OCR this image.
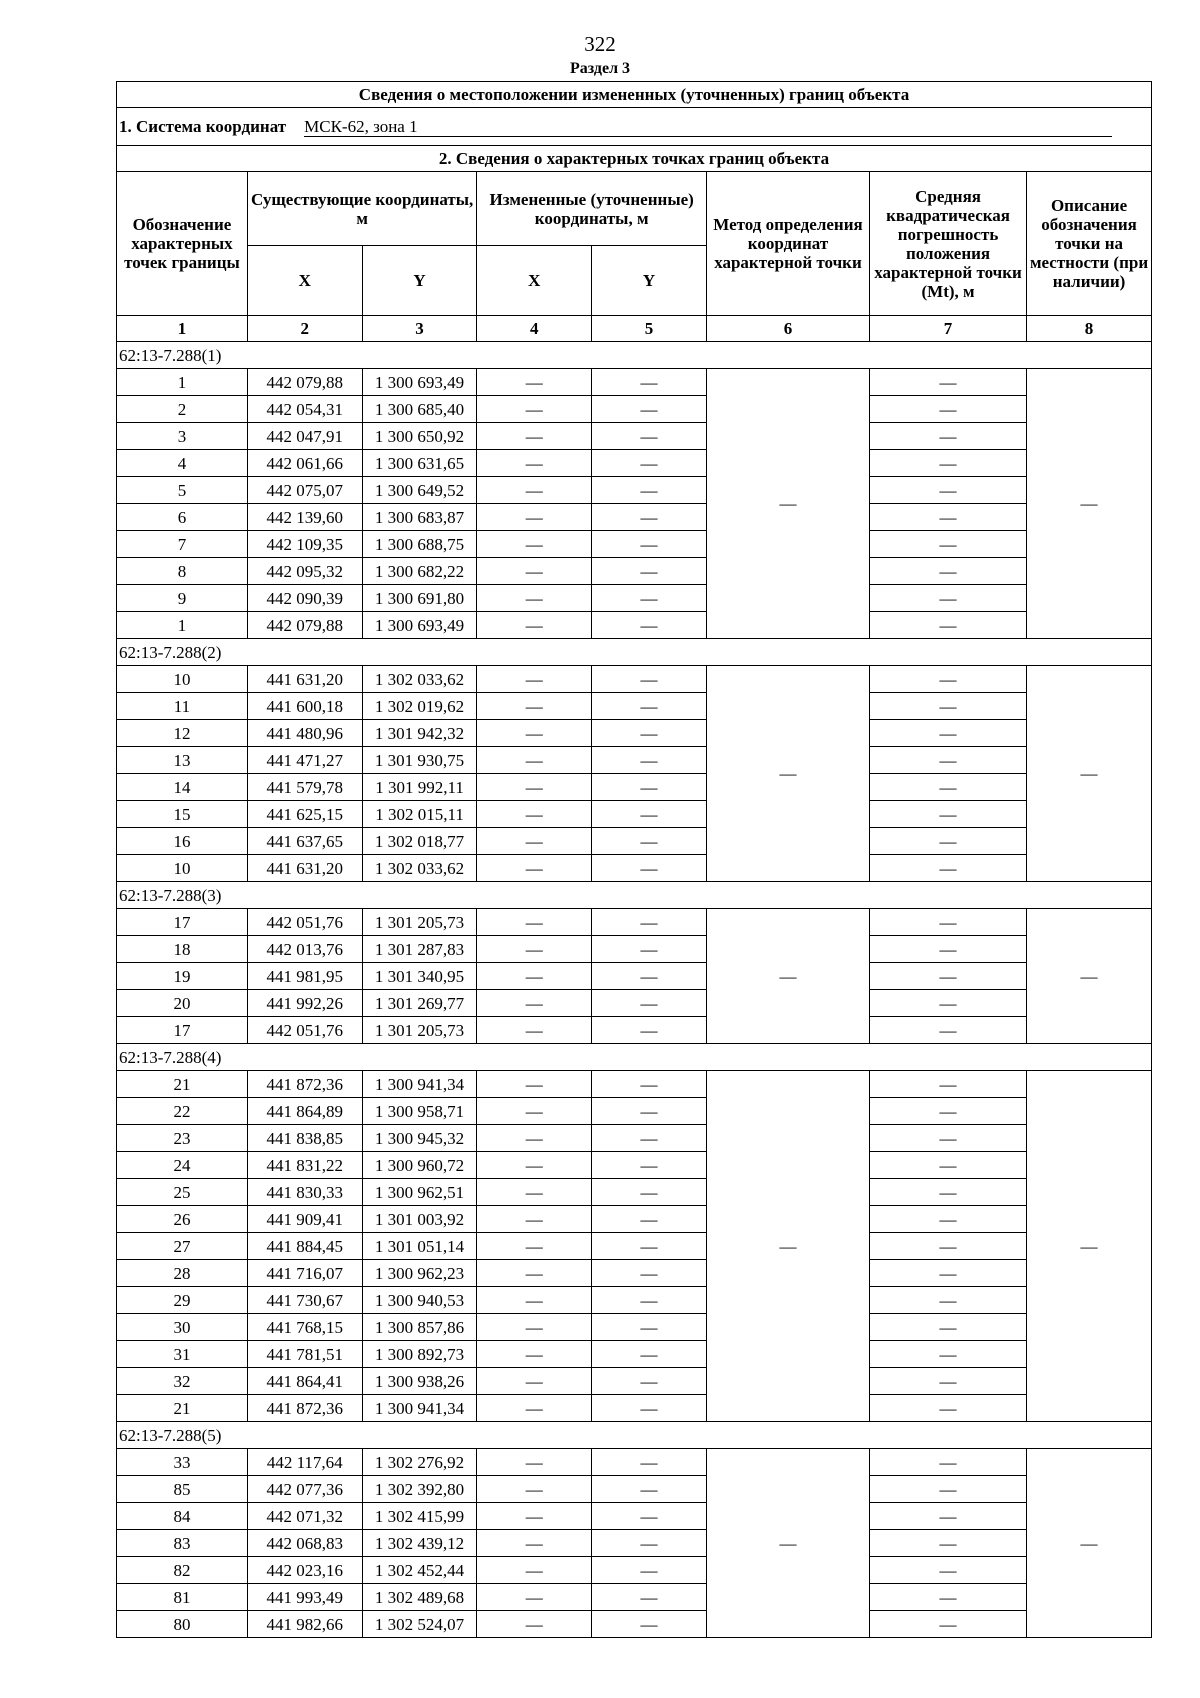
322
Раздел 3
Сведения о местоположении измененных (уточненных) границ объекта							
1. Система координат МСК-62, зона 1							
2. Сведения о характерных точках границ объекта							
Обозначение характерных точек границы	Существующие координаты, м		Измененные (уточненные) координаты, м		Метод определения координат характерной точки	Средняя квадратическая погрешность положения характерной точки (Mt), м	Описание обозначения точки на местности (при наличии)
	X	Y	X	Y			
1	2	3	4	5	6	7	8
62:13-7.288(1)							
1	442 079,88	1 300 693,49	—	—	—	—	—
2	442 054,31	1 300 685,40	—	—		—	
3	442 047,91	1 300 650,92	—	—		—	
4	442 061,66	1 300 631,65	—	—		—	
5	442 075,07	1 300 649,52	—	—		—	
6	442 139,60	1 300 683,87	—	—		—	
7	442 109,35	1 300 688,75	—	—		—	
8	442 095,32	1 300 682,22	—	—		—	
9	442 090,39	1 300 691,80	—	—		—	
1	442 079,88	1 300 693,49	—	—		—	
62:13-7.288(2)							
10	441 631,20	1 302 033,62	—	—	—	—	—
11	441 600,18	1 302 019,62	—	—		—	
12	441 480,96	1 301 942,32	—	—		—	
13	441 471,27	1 301 930,75	—	—		—	
14	441 579,78	1 301 992,11	—	—		—	
15	441 625,15	1 302 015,11	—	—		—	
16	441 637,65	1 302 018,77	—	—		—	
10	441 631,20	1 302 033,62	—	—		—	
62:13-7.288(3)							
17	442 051,76	1 301 205,73	—	—	—	—	—
18	442 013,76	1 301 287,83	—	—		—	
19	441 981,95	1 301 340,95	—	—		—	
20	441 992,26	1 301 269,77	—	—		—	
17	442 051,76	1 301 205,73	—	—		—	
62:13-7.288(4)							
21	441 872,36	1 300 941,34	—	—	—	—	—
22	441 864,89	1 300 958,71	—	—		—	
23	441 838,85	1 300 945,32	—	—		—	
24	441 831,22	1 300 960,72	—	—		—	
25	441 830,33	1 300 962,51	—	—		—	
26	441 909,41	1 301 003,92	—	—		—	
27	441 884,45	1 301 051,14	—	—		—	
28	441 716,07	1 300 962,23	—	—		—	
29	441 730,67	1 300 940,53	—	—		—	
30	441 768,15	1 300 857,86	—	—		—	
31	441 781,51	1 300 892,73	—	—		—	
32	441 864,41	1 300 938,26	—	—		—	
21	441 872,36	1 300 941,34	—	—		—	
62:13-7.288(5)							
33	442 117,64	1 302 276,92	—	—	—	—	—
85	442 077,36	1 302 392,80	—	—		—	
84	442 071,32	1 302 415,99	—	—		—	
83	442 068,83	1 302 439,12	—	—		—	
82	442 023,16	1 302 452,44	—	—		—	
81	441 993,49	1 302 489,68	—	—		—	
80	441 982,66	1 302 524,07	—	—		—	
